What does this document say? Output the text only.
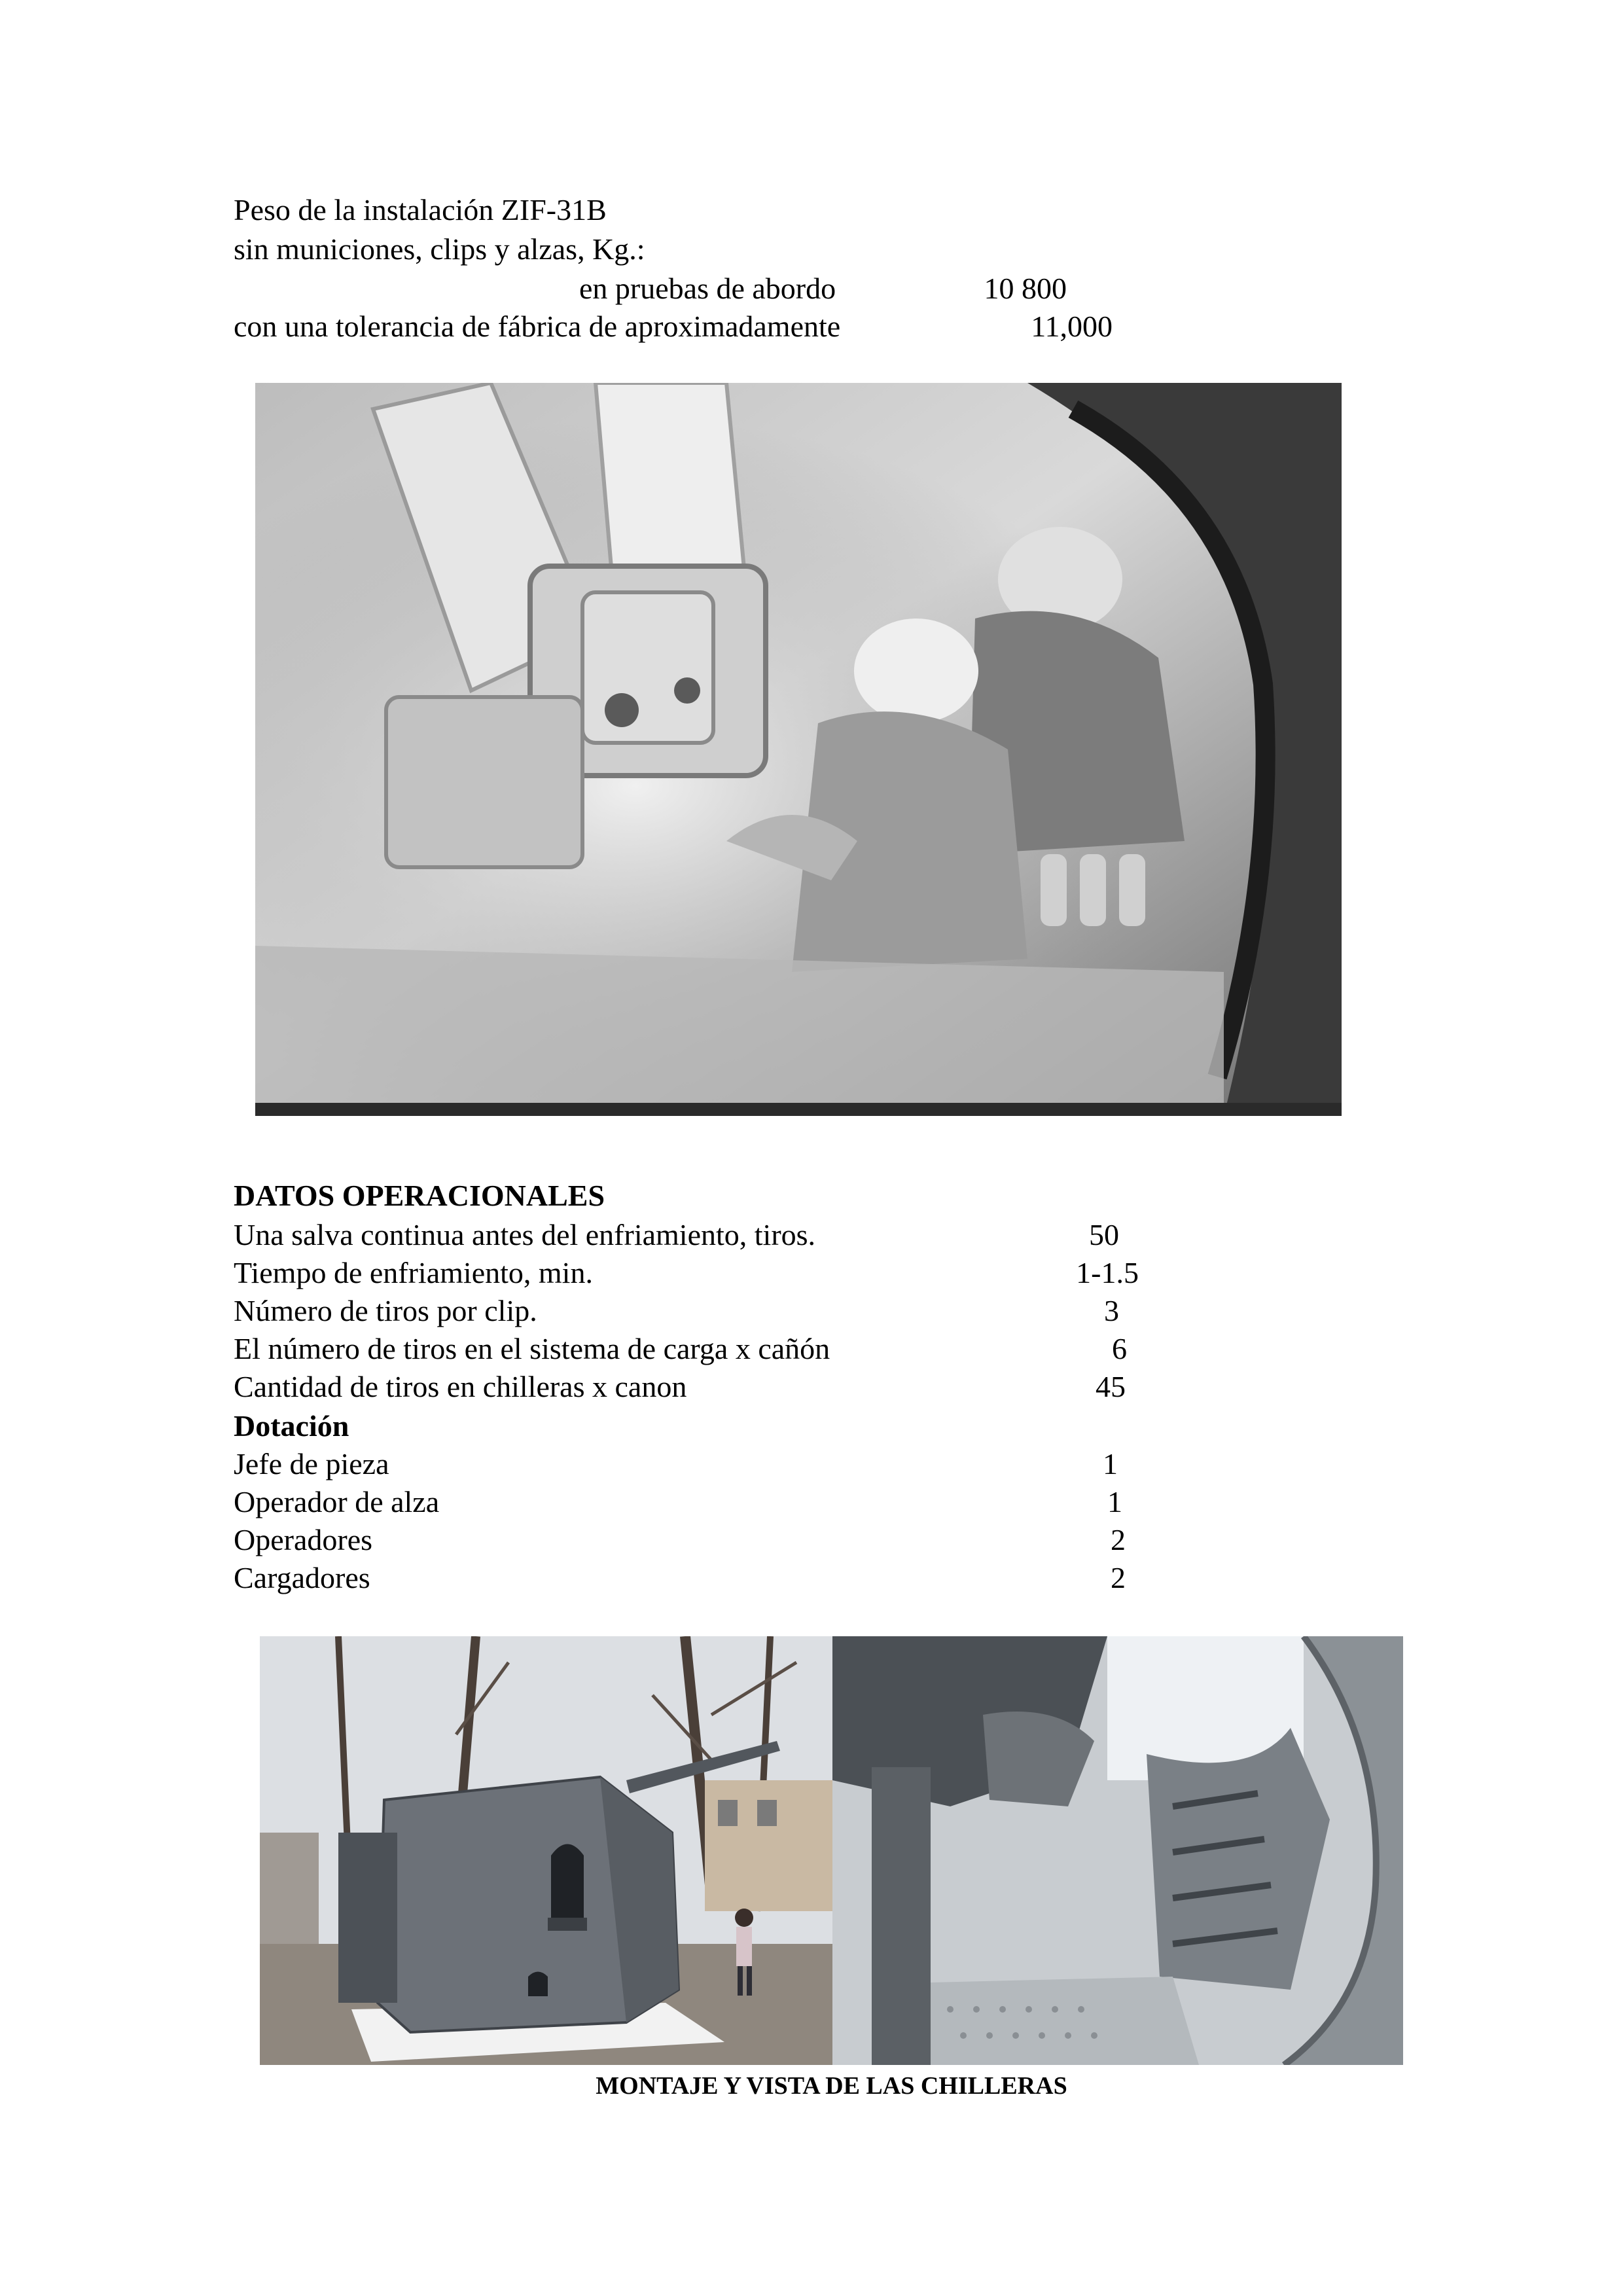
Peso de la instalación ZIF-31B
sin municiones, clips y alzas, Kg.:
en pruebas de abordo	10 800
con una tolerancia de fábrica de aproximadamente	11,000
DATOS OPERACIONALES
Una salva continua antes del enfriamiento, tiros.	50
Tiempo de enfriamiento, min.	1-1.5
Número de tiros por clip.	3
El número de tiros en el sistema de carga x cañón	6
Cantidad de tiros en chilleras x canon	45
Dotación
Jefe de pieza	1
Operador de alza	1
Operadores	2
Cargadores	2
MONTAJE Y VISTA DE LAS CHILLERAS
